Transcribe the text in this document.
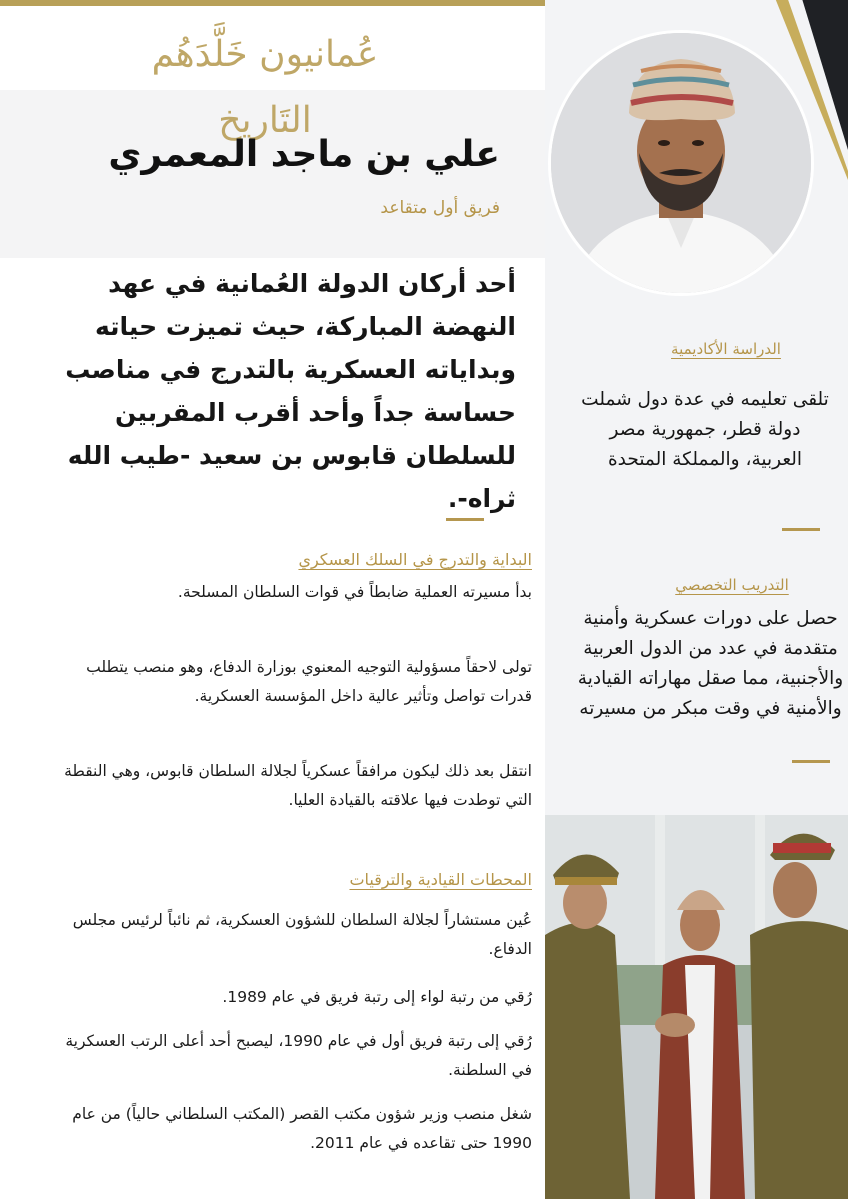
عُمانيون خَلَّدَهُم التَاريخ
علي بن ماجد المعمري
فريق أول متقاعد
أحد أركان الدولة العُمانية في عهد النهضة المباركة، حيث تميزت حياته وبداياته العسكرية بالتدرج في مناصب حساسة جداً وأحد أقرب المقربين للسلطان قابوس بن سعيد -طيب الله ثراه-.
البداية والتدرج في السلك العسكري
بدأ مسيرته العملية ضابطاً في قوات السلطان المسلحة.
تولى لاحقاً مسؤولية التوجيه المعنوي بوزارة الدفاع، وهو منصب يتطلب قدرات تواصل وتأثير عالية داخل المؤسسة العسكرية.
انتقل بعد ذلك ليكون مرافقاً عسكرياً لجلالة السلطان قابوس، وهي النقطة التي توطدت فيها علاقته بالقيادة العليا.
المحطات القيادية والترقيات
عُين مستشاراً لجلالة السلطان للشؤون العسكرية، ثم نائباً لرئيس مجلس الدفاع.
رُقي من رتبة لواء إلى رتبة فريق في عام 1989.
رُقي إلى رتبة فريق أول في عام 1990، ليصبح أحد أعلى الرتب العسكرية في السلطنة.
شغل منصب وزير شؤون مكتب القصر (المكتب السلطاني حالياً) من عام 1990 حتى تقاعده في عام 2011.
الدراسة الأكاديمية
تلقى تعليمه في عدة دول شملت دولة قطر، جمهورية مصر العربية، والمملكة المتحدة
التدريب التخصصي
حصل على دورات عسكرية وأمنية متقدمة في عدد من الدول العربية والأجنبية، مما صقل مهاراته القيادية والأمنية في وقت مبكر من مسيرته
